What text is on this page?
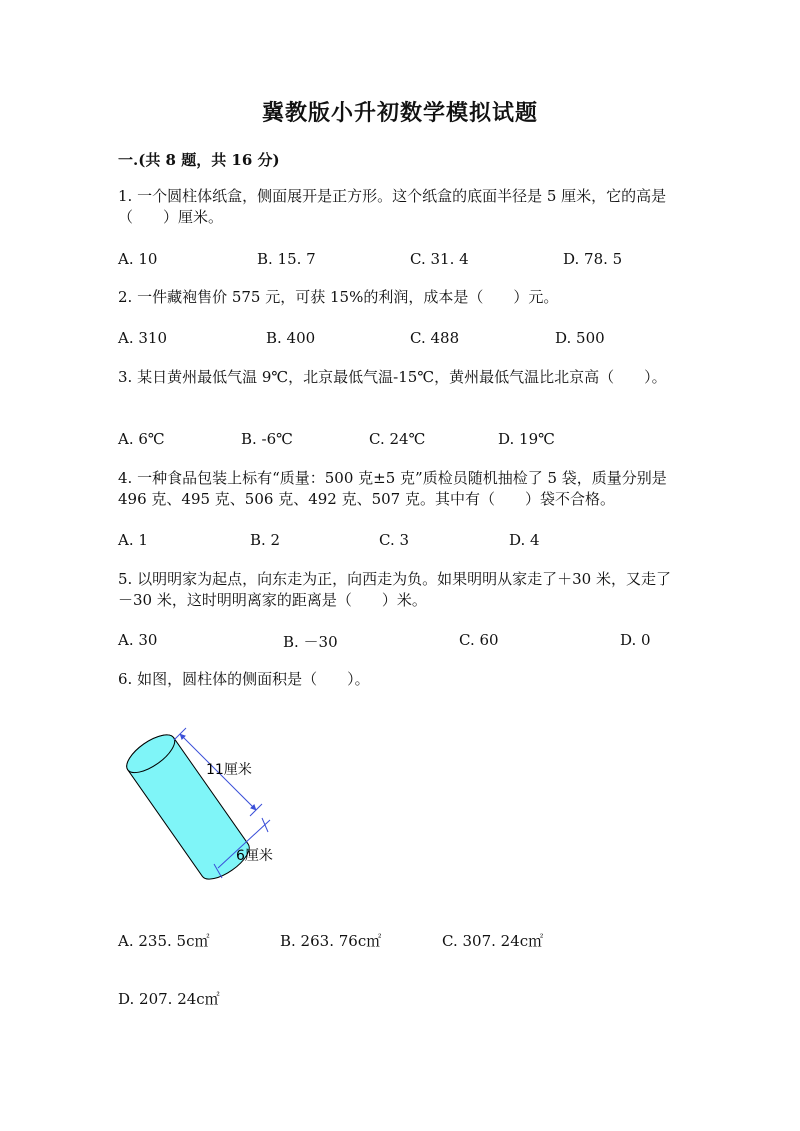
冀教版小升初数学模拟试题
一.(共 8 题，共 16 分)
1. 一个圆柱体纸盒，侧面展开是正方形。这个纸盒的底面半径是 5 厘米，它的高是（　　）厘米。
A. 10	B. 15. 7	C. 31. 4	D. 78. 5
2. 一件藏袍售价 575 元，可获 15%的利润，成本是（　　）元。
A. 310	B. 400	C. 488	D. 500
3. 某日黄州最低气温 9℃，北京最低气温-15℃，黄州最低气温比北京高（　　）。
A. 6℃	B. -6℃	C. 24℃	D. 19℃
4. 一种食品包装上标有“质量：500 克±5 克”质检员随机抽检了 5 袋，质量分别是 496 克、495 克、506 克、492 克、507 克。其中有（　　）袋不合格。
A. 1	B. 2	C. 3	D. 4
5. 以明明家为起点，向东走为正，向西走为负。如果明明从家走了＋30 米，又走了－30 米，这时明明离家的距离是（　　）米。
A. 30	B. －30	C. 60	D. 0
6. 如图，圆柱体的侧面积是（　　）。
11厘米
6厘米
A. 235. 5c㎡	B. 263. 76c㎡	C. 307. 24c㎡
D. 207. 24c㎡
